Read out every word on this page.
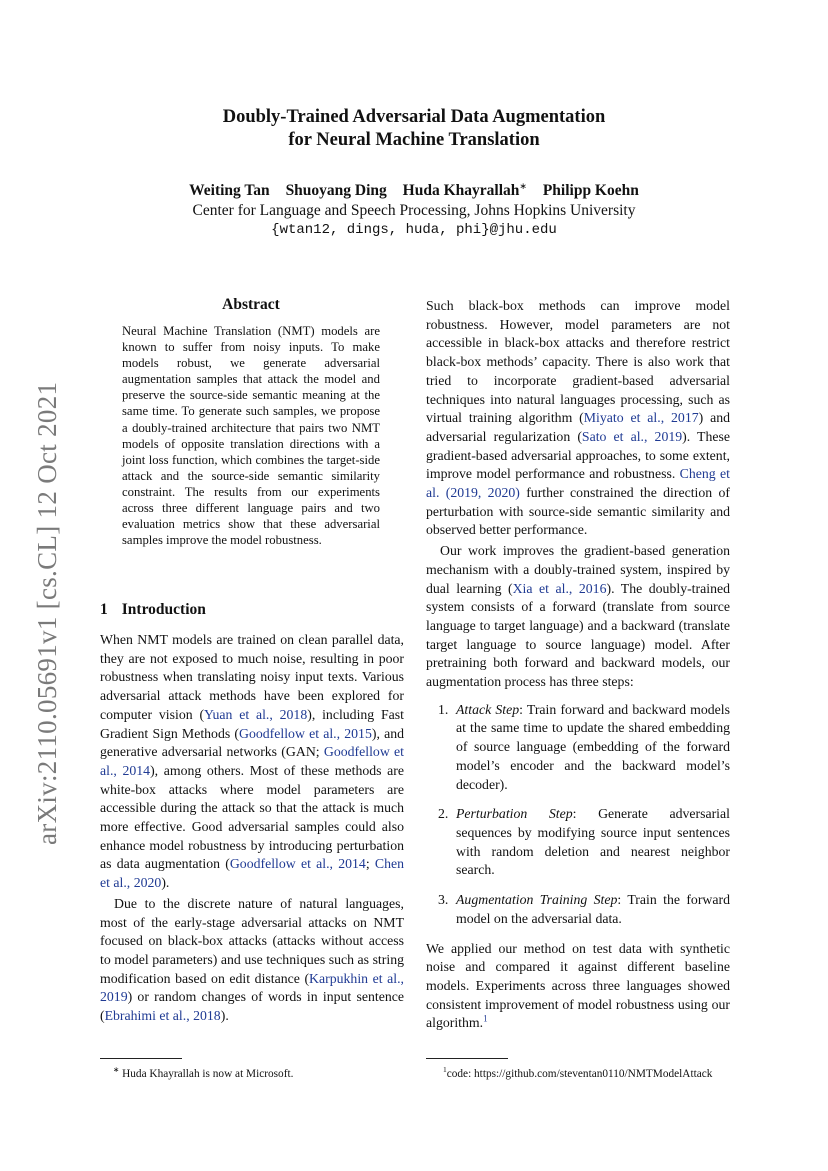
arXiv:2110.05691v1 [cs.CL] 12 Oct 2021
Doubly-Trained Adversarial Data Augmentation
for Neural Machine Translation
Weiting Tan Shuoyang Ding Huda Khayrallah∗ Philipp Koehn
Center for Language and Speech Processing, Johns Hopkins University
{wtan12, dings, huda, phi}@jhu.edu
Abstract
Neural Machine Translation (NMT) models are known to suffer from noisy inputs. To make models robust, we generate adversarial augmentation samples that attack the model and preserve the source-side semantic meaning at the same time. To generate such samples, we propose a doubly-trained architecture that pairs two NMT models of opposite translation directions with a joint loss function, which combines the target-side attack and the source-side semantic similarity constraint. The results from our experiments across three different language pairs and two evaluation metrics show that these adversarial samples improve the model robustness.
1 Introduction

When NMT models are trained on clean parallel data, they are not exposed to much noise, resulting in poor robustness when translating noisy input texts. Various adversarial attack methods have been explored for computer vision (Yuan et al., 2018), including Fast Gradient Sign Methods (Goodfellow et al., 2015), and generative adversarial networks (GAN; Goodfellow et al., 2014), among others. Most of these methods are white-box attacks where model parameters are accessible during the attack so that the attack is much more effective. Good adversarial samples could also enhance model robustness by introducing perturbation as data augmentation (Goodfellow et al., 2014; Chen et al., 2020).

Due to the discrete nature of natural languages, most of the early-stage adversarial attacks on NMT focused on black-box attacks (attacks without access to model parameters) and use techniques such as string modification based on edit distance (Karpukhin et al., 2019) or random changes of words in input sentence (Ebrahimi et al., 2018).

Such black-box methods can improve model robustness. However, model parameters are not accessible in black-box attacks and therefore restrict black-box methods’ capacity. There is also work that tried to incorporate gradient-based adversarial techniques into natural languages processing, such as virtual training algorithm (Miyato et al., 2017) and adversarial regularization (Sato et al., 2019). These gradient-based adversarial approaches, to some extent, improve model performance and robustness. Cheng et al. (2019, 2020) further constrained the direction of perturbation with source-side semantic similarity and observed better performance.

Our work improves the gradient-based generation mechanism with a doubly-trained system, inspired by dual learning (Xia et al., 2016). The doubly-trained system consists of a forward (translate from source language to target language) and a backward (translate target language to source language) model. After pretraining both forward and backward models, our augmentation process has three steps:

1. Attack Step: Train forward and backward models at the same time to update the shared embedding of source language (embedding of the forward model’s encoder and the backward model’s decoder).
2. Perturbation Step: Generate adversarial sequences by modifying source input sentences with random deletion and nearest neighbor search.
3. Augmentation Training Step: Train the forward model on the adversarial data.

We applied our method on test data with synthetic noise and compared it against different baseline models. Experiments across three languages showed consistent improvement of model robustness using our algorithm.$^1$

∗ Huda Khayrallah is now at Microsoft.	$^1$code: https://github.com/steventan0110/NMTModelAttack
